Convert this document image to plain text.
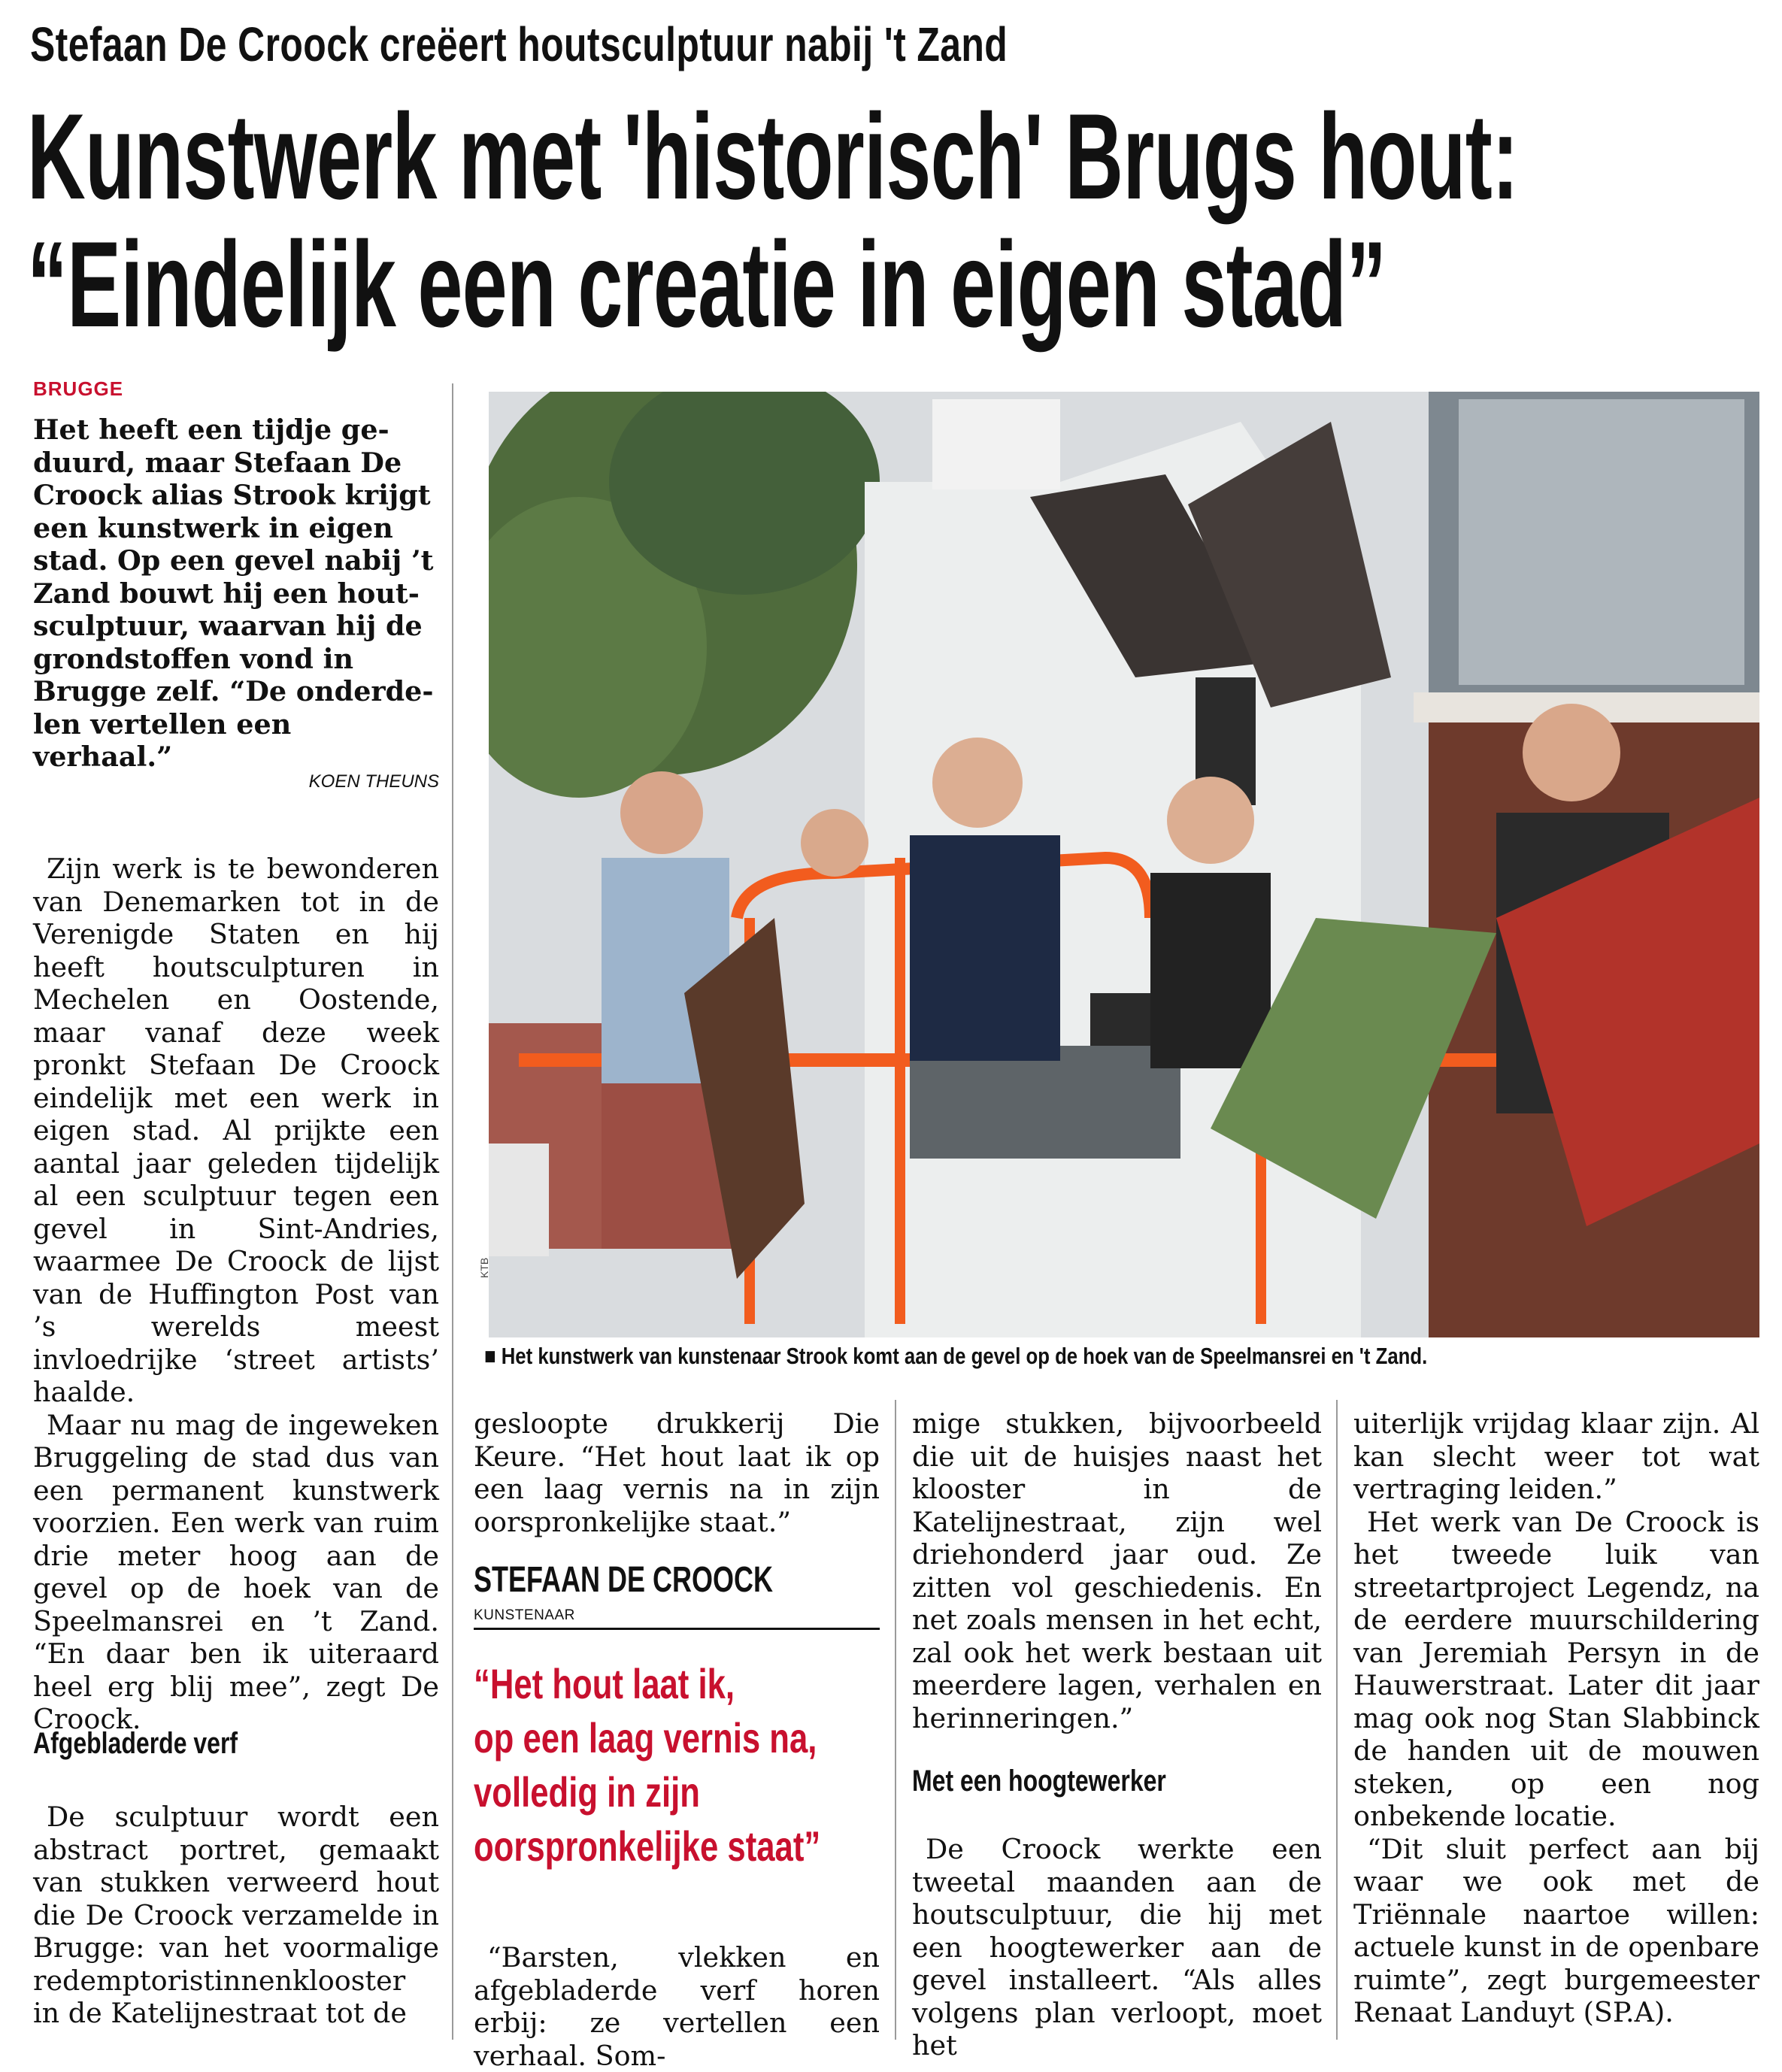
Stefaan De Croock creëert houtsculptuur nabij 't Zand
Kunstwerk met 'historisch' Brugs hout:
“Eindelijk een creatie in eigen stad”
BRUGGE

Het heeft een tijdje ge-

duurd, maar Stefaan De

Croock alias Strook krijgt

een kunstwerk in eigen

stad. Op een gevel nabij ’t

Zand bouwt hij een hout-

sculptuur, waarvan hij de

grondstoffen vond in

Brugge zelf. “De onderde-

len vertellen een verhaal.”

KOEN THEUNS

Zijn werk is te bewonderen van Denemarken tot in de Verenigde Staten en hij heeft houtsculpturen in Mechelen en Oostende, maar vanaf deze week pronkt Stefaan De Croock eindelijk met een werk in eigen stad. Al prijkte een aantal jaar geleden tijdelijk al een sculptuur tegen een gevel in Sint-Andries, waarmee De Croock de lijst van de Huffington Post van ’s werelds meest invloedrijke ‘street artists’ haalde.

Maar nu mag de ingeweken Bruggeling de stad dus van een permanent kunstwerk voorzien. Een werk van ruim drie meter hoog aan de gevel op de hoek van de Speelmansrei en ’t Zand. “En daar ben ik uiteraard heel erg blij mee”, zegt De Croock.

Afgebladerde verf

De sculptuur wordt een abstract portret, gemaakt van stukken verweerd hout die De Croock verzamelde in Brugge: van het voormalige redemptoristinnenklooster in de Katelijnestraat tot de

KTB
■ Het kunstwerk van kunstenaar Strook komt aan de gevel op de hoek van de Speelmansrei en 't Zand.

gesloopte drukkerij Die Keure. “Het hout laat ik op een laag vernis na in zijn oorspronkelijke staat.”

STEFAAN DE CROOCK
KUNSTENAAR
“Het hout laat ik,
op een laag vernis na,
volledig in zijn
oorspronkelijke staat”

“Barsten, vlekken en afgebladerde verf horen erbij: ze vertellen een verhaal. Som-

mige stukken, bijvoorbeeld die uit de huisjes naast het klooster in de Katelijnestraat, zijn wel driehonderd jaar oud. Ze zitten vol geschiedenis. En net zoals mensen in het echt, zal ook het werk bestaan uit meerdere lagen, verhalen en herinneringen.”

Met een hoogtewerker

De Croock werkte een tweetal maanden aan de houtsculptuur, die hij met een hoogtewerker aan de gevel installeert. “Als alles volgens plan verloopt, moet het

uiterlijk vrijdag klaar zijn. Al kan slecht weer tot wat vertraging leiden.”

Het werk van De Croock is het tweede luik van streetartproject Legendz, na de eerdere muurschildering van Jeremiah Persyn in de Hauwerstraat. Later dit jaar mag ook nog Stan Slabbinck de handen uit de mouwen steken, op een nog onbekende locatie.

“Dit sluit perfect aan bij waar we ook met de Triënnale naartoe willen: actuele kunst in de openbare ruimte”, zegt burgemeester Renaat Landuyt (SP.A).
